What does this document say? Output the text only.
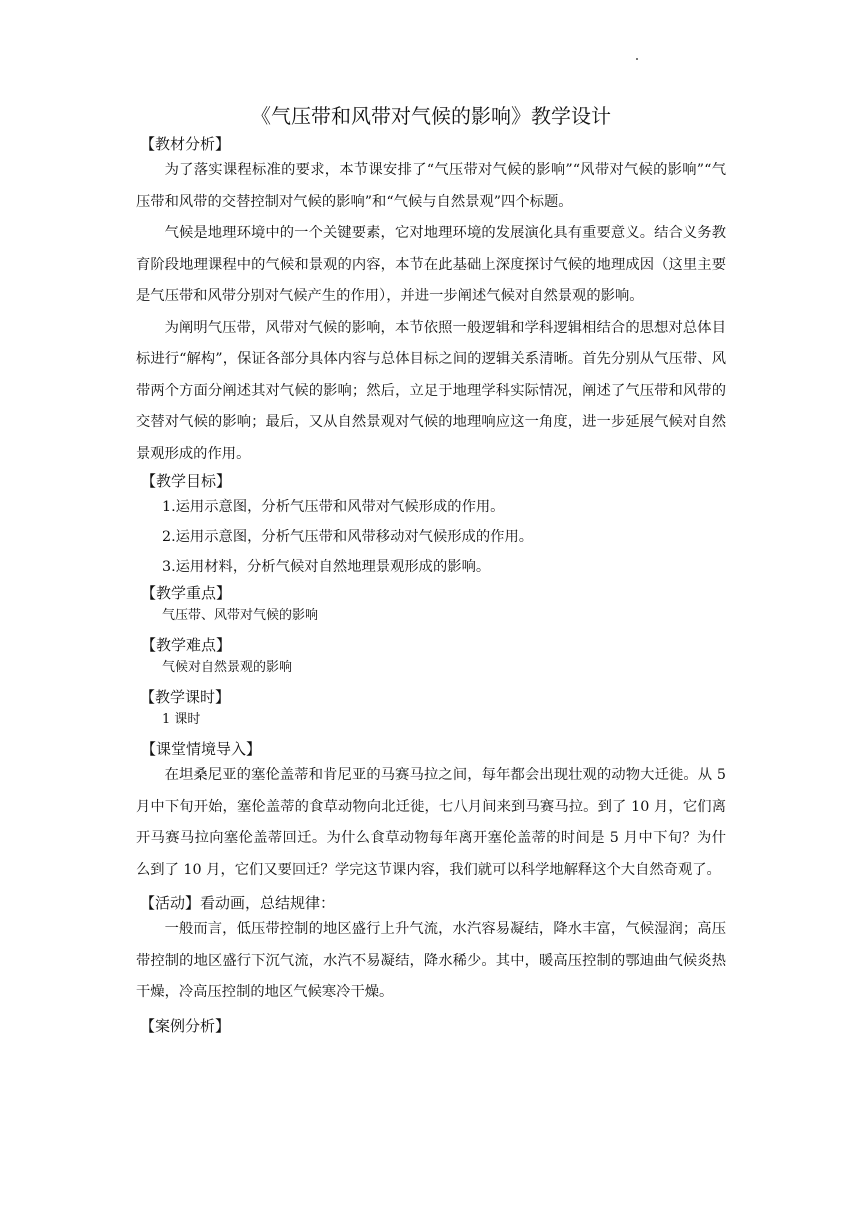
《气压带和风带对气候的影响》教学设计

【教材分析】

为了落实课程标准的要求，本节课安排了“气压带对气候的影响”“风带对气候的影响”“气压带和风带的交替控制对气候的影响”和“气候与自然景观”四个标题。

气候是地理环境中的一个关键要素，它对地理环境的发展演化具有重要意义。结合义务教育阶段地理课程中的气候和景观的内容，本节在此基础上深度探讨气候的地理成因（这里主要是气压带和风带分别对气候产生的作用），并进一步阐述气候对自然景观的影响。

为阐明气压带，风带对气候的影响，本节依照一般逻辑和学科逻辑相结合的思想对总体目标进行“解构”，保证各部分具体内容与总体目标之间的逻辑关系清晰。首先分别从气压带、风带两个方面分阐述其对气候的影响；然后，立足于地理学科实际情况，阐述了气压带和风带的交替对气候的影响；最后，又从自然景观对气候的地理响应这一角度，进一步延展气候对自然景观形成的作用。

【教学目标】

1.运用示意图，分析气压带和风带对气候形成的作用。

2.运用示意图，分析气压带和风带移动对气候形成的作用。

3.运用材料，分析气候对自然地理景观形成的影响。

【教学重点】

气压带、风带对气候的影响

【教学难点】

气候对自然景观的影响

【教学课时】

1 课时

【课堂情境导入】

在坦桑尼亚的塞伦盖蒂和肯尼亚的马赛马拉之间，每年都会出现壮观的动物大迁徙。从 5 月中下旬开始，塞伦盖蒂的食草动物向北迁徙，七八月间来到马赛马拉。到了 10 月，它们离开马赛马拉向塞伦盖蒂回迁。为什么食草动物每年离开塞伦盖蒂的时间是 5 月中下旬？为什么到了 10 月，它们又要回迁？学完这节课内容，我们就可以科学地解释这个大自然奇观了。

【活动】看动画，总结规律：

一般而言，低压带控制的地区盛行上升气流，水汽容易凝结，降水丰富，气候湿润；高压带控制的地区盛行下沉气流，水汽不易凝结，降水稀少。其中，暖高压控制的鄂迪曲气候炎热干燥，冷高压控制的地区气候寒冷干燥。

【案例分析】
